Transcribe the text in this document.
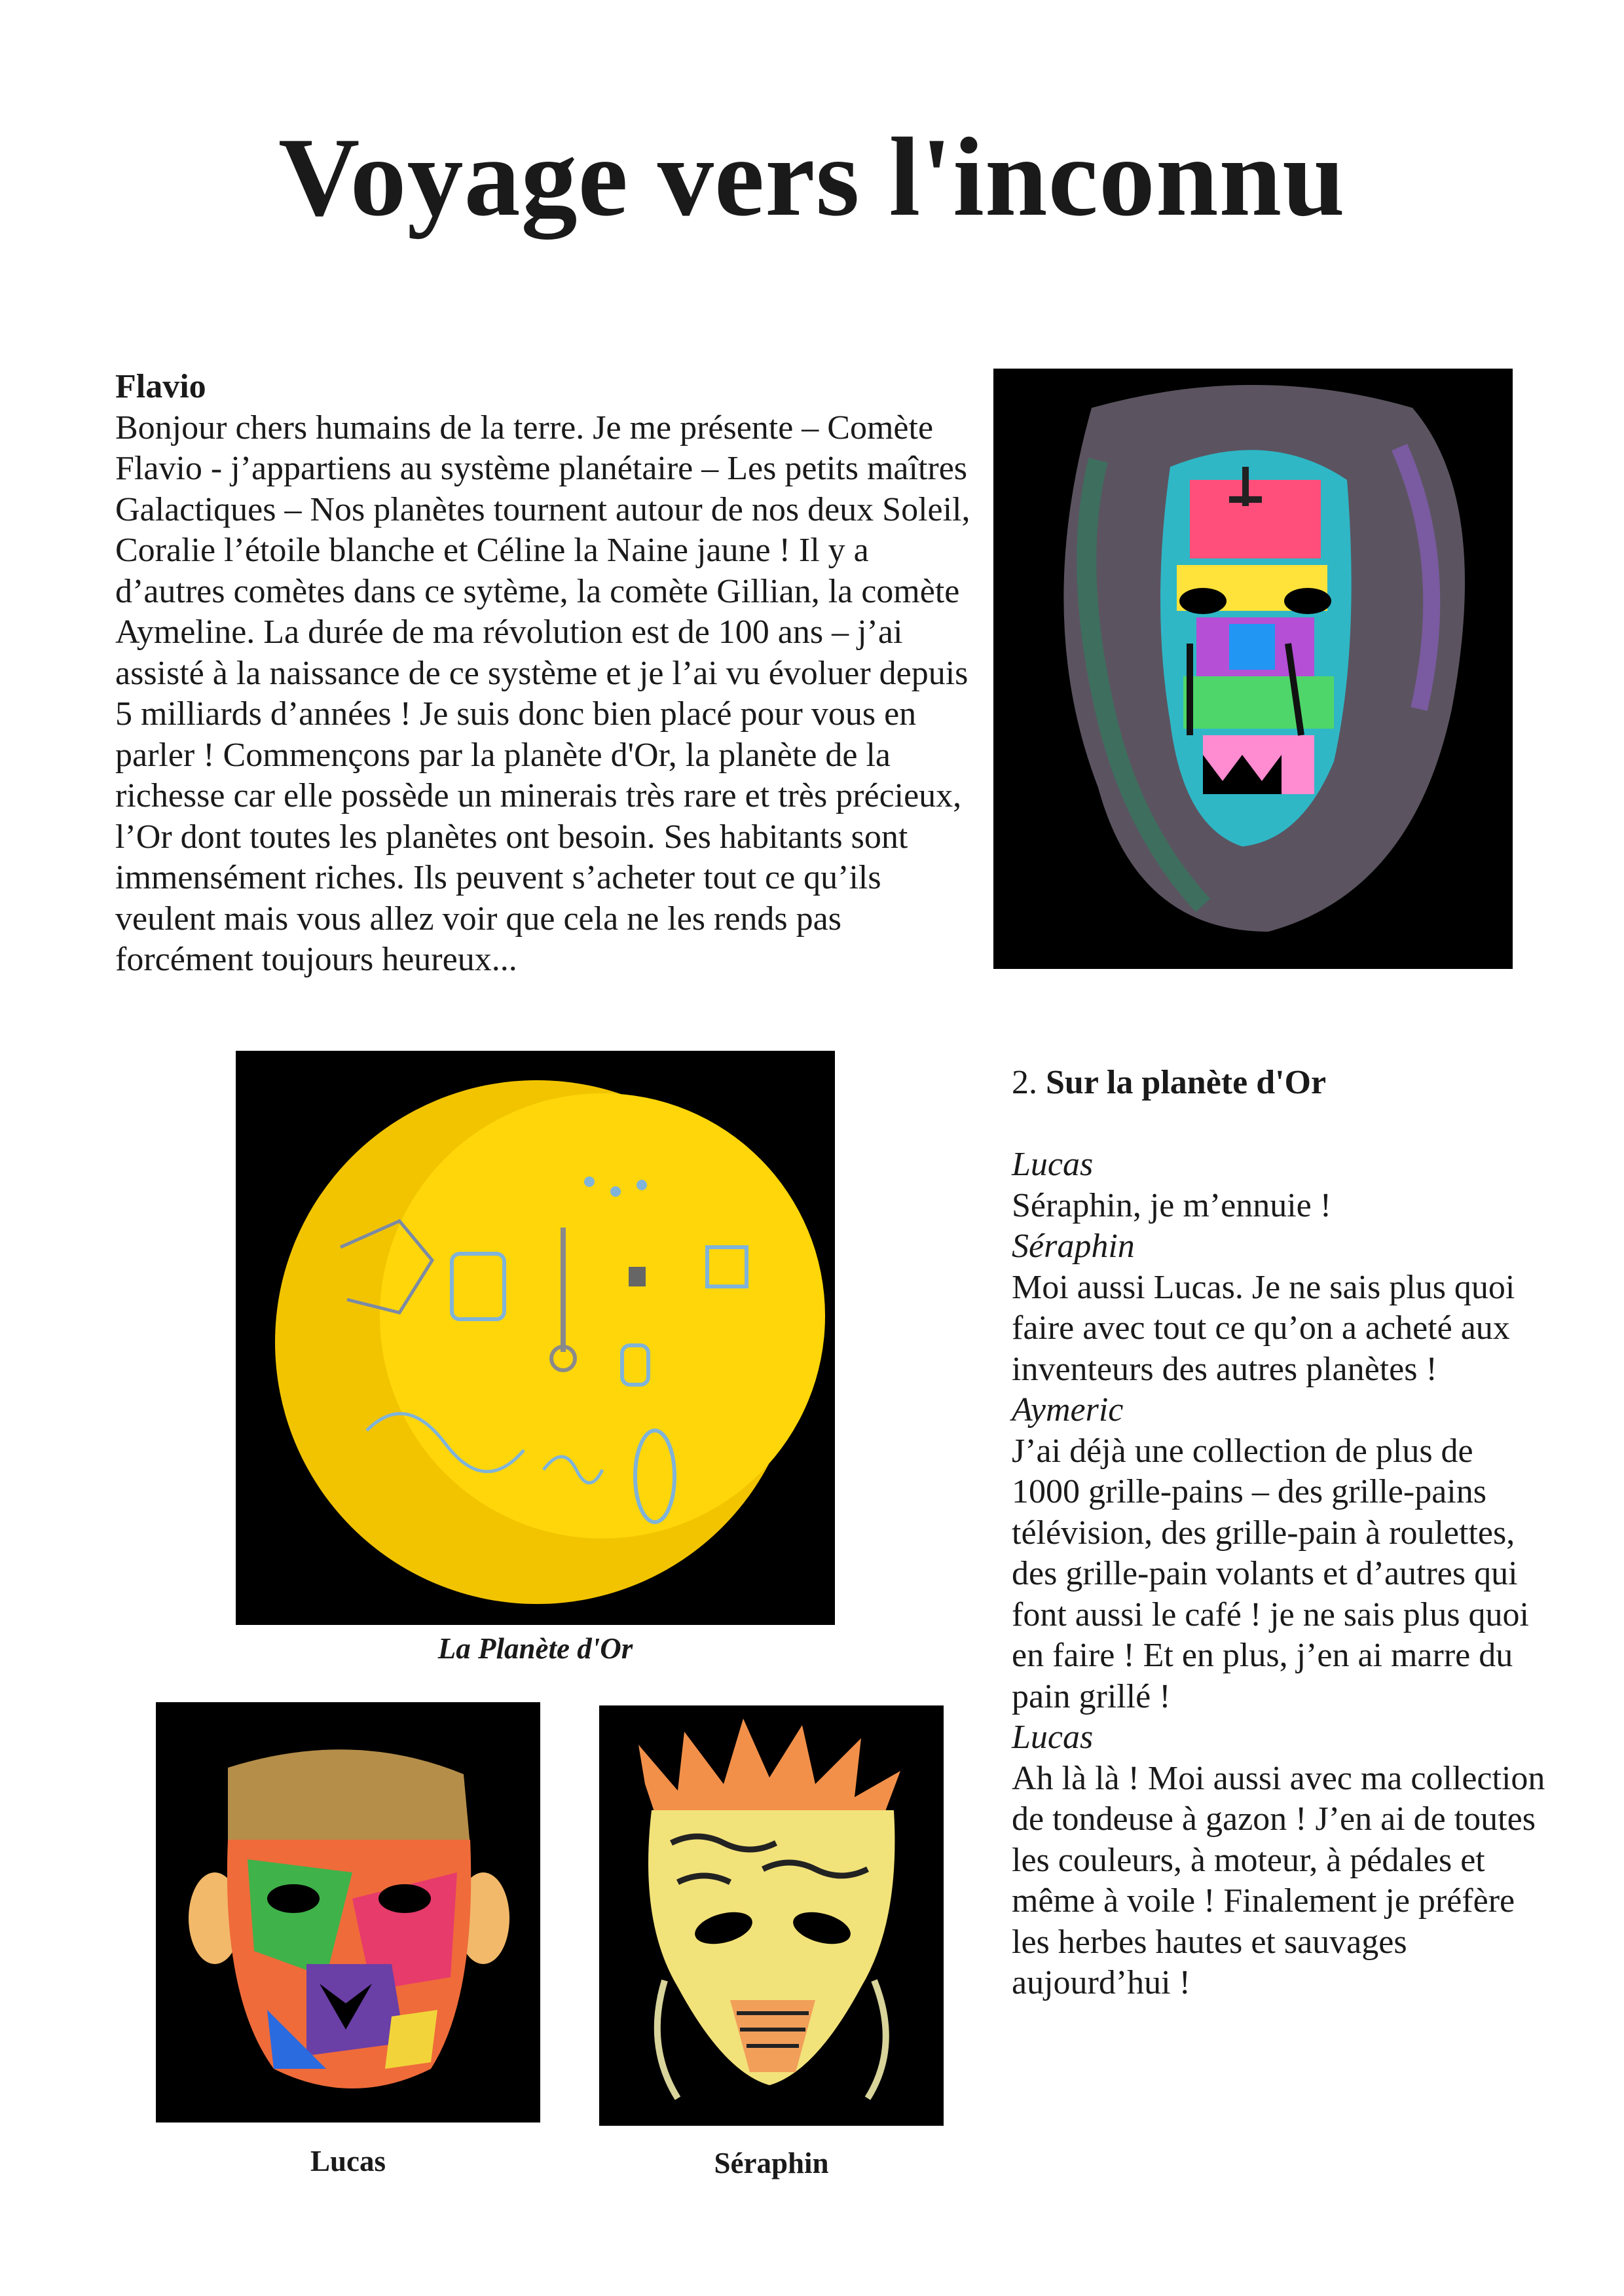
Voyage vers l'inconnu
Flavio
Bonjour chers humains de la terre. Je me présente – Comète Flavio - j’appartiens au système planétaire – Les petits maîtres Galactiques – Nos planètes tournent autour de nos deux Soleil, Coralie l’étoile blanche et Céline la Naine jaune ! Il y a d’autres comètes dans ce sytème, la comète Gillian, la comète Aymeline. La durée de ma révolution est de 100 ans – j’ai assisté à la naissance de ce système et je l’ai vu évoluer depuis 5 milliards d’années ! Je suis donc bien placé pour vous en parler ! Commençons par la planète d'Or, la planète de la richesse car elle possède un minerais très rare et très précieux, l’Or dont toutes les planètes ont besoin. Ses habitants sont immensément riches. Ils peuvent s’acheter tout ce qu’ils veulent mais vous allez voir que cela ne les rends pas forcément toujours heureux...
La Planète d'Or
Lucas	Séraphin
2. Sur la planète d'Or
Lucas
Séraphin, je m’ennuie !
Séraphin
Moi aussi Lucas. Je ne sais plus quoi faire avec tout ce qu’on a acheté aux inventeurs des autres planètes !
Aymeric
J’ai déjà une collection de plus de 1000 grille-pains – des grille-pains télévision, des grille-pain à roulettes, des grille-pain volants et d’autres qui font aussi le café ! je ne sais plus quoi en faire ! Et en plus, j’en ai marre du pain grillé !
Lucas
Ah là là ! Moi aussi avec ma collection de tondeuse à gazon ! J’en ai de toutes les couleurs, à moteur, à pédales et même à voile ! Finalement je préfère les herbes hautes et sauvages aujourd’hui !
